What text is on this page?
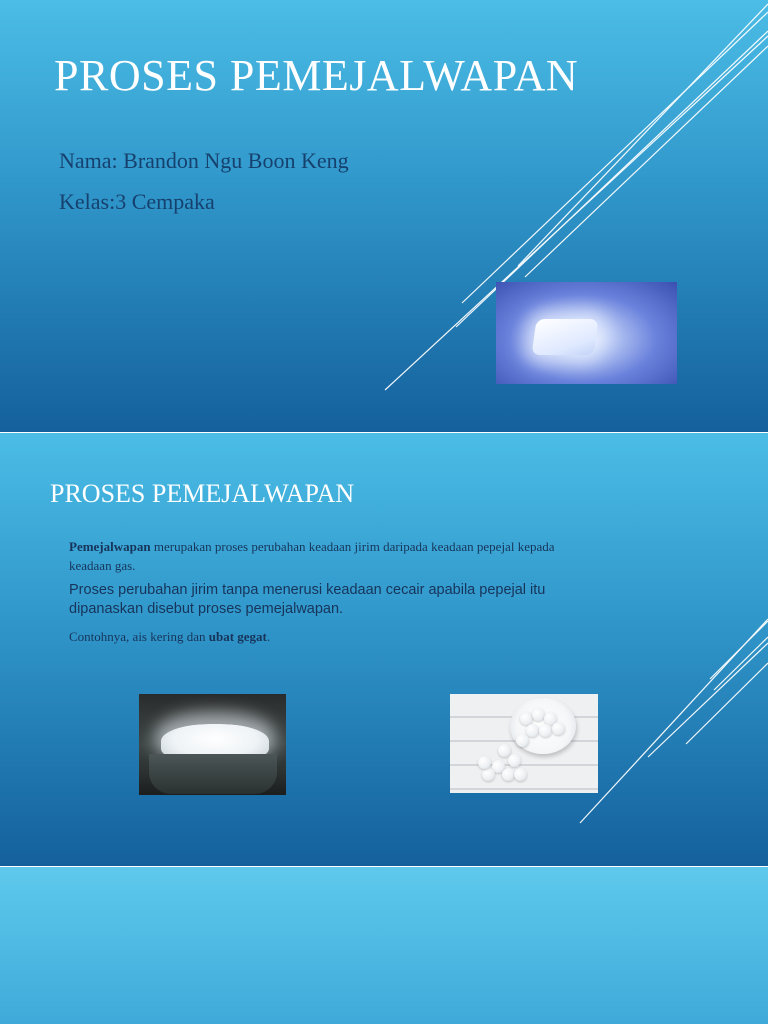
PROSES PEMEJALWAPAN
Nama: Brandon Ngu Boon Keng
Kelas:3 Cempaka
PROSES PEMEJALWAPAN
Pemejalwapan merupakan proses perubahan keadaan jirim daripada keadaan pepejal kepada keadaan gas.
Proses perubahan jirim tanpa menerusi keadaan cecair apabila pepejal itu dipanaskan disebut proses pemejalwapan.
Contohnya, ais kering dan ubat gegat.
